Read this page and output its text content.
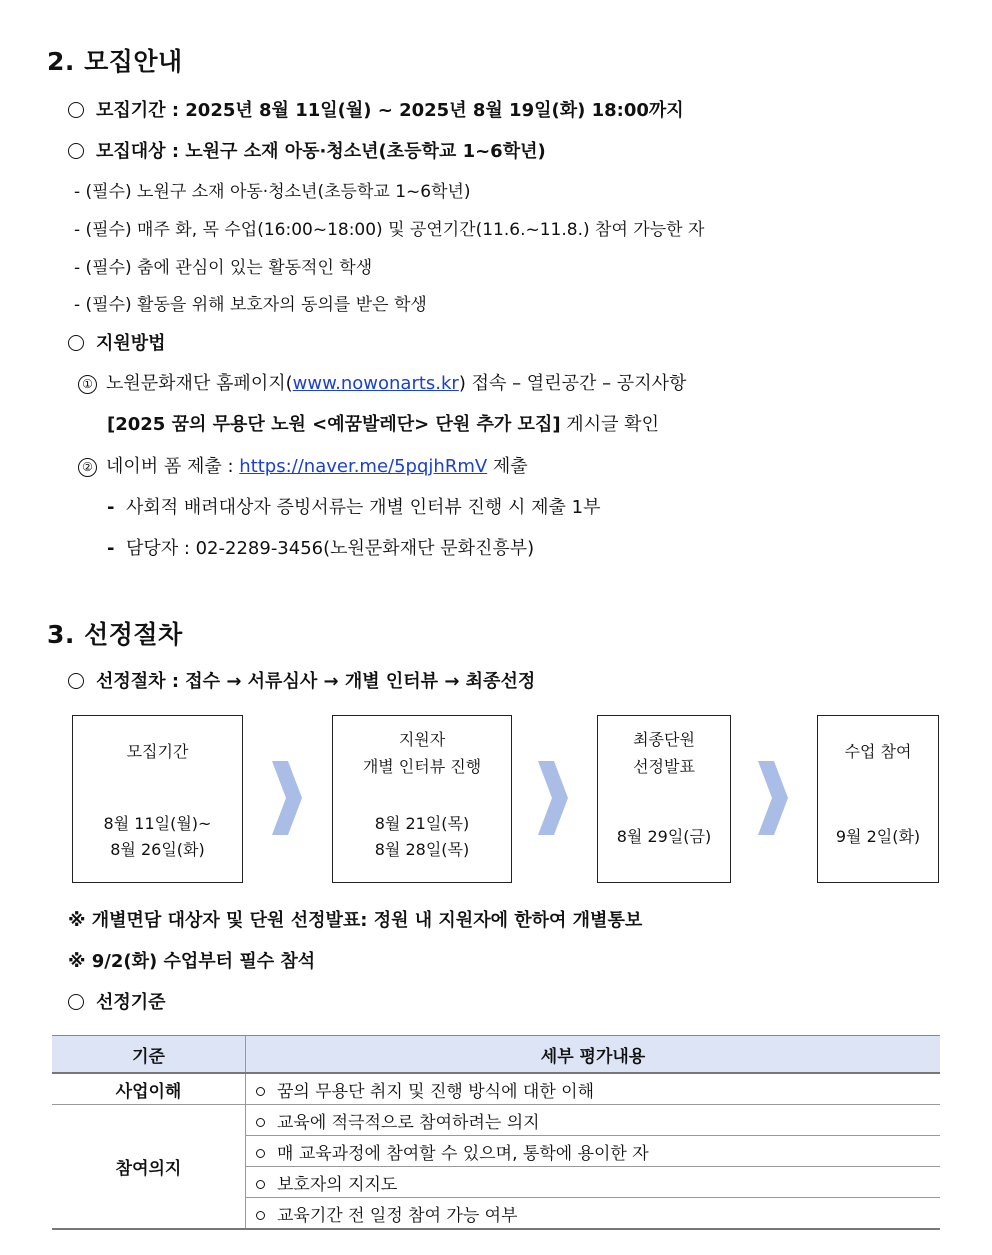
2. 모집안내
모집기간 : 2025년 8월 11일(월) ~ 2025년 8월 19일(화) 18:00까지
모집대상 : 노원구 소재 아동·청소년(초등학교 1~6학년)
- (필수) 노원구 소재 아동·청소년(초등학교 1~6학년)
- (필수) 매주 화, 목 수업(16:00~18:00) 및 공연기간(11.6.~11.8.) 참여 가능한 자
- (필수) 춤에 관심이 있는 활동적인 학생
- (필수) 활동을 위해 보호자의 동의를 받은 학생
지원방법
① 노원문화재단 홈페이지(www.nowonarts.kr) 접속 – 열린공간 – 공지사항
[2025 꿈의 무용단 노원 <예꿈발레단> 단원 추가 모집] 게시글 확인
② 네이버 폼 제출 : https://naver.me/5pqjhRmV 제출
- 사회적 배려대상자 증빙서류는 개별 인터뷰 진행 시 제출 1부
- 담당자 : 02-2289-3456(노원문화재단 문화진흥부)
3. 선정절차
선정절차 : 접수 → 서류심사 → 개별 인터뷰 → 최종선정
모집기간
8월 11일(월)~
8월 26일(화)
지원자
개별 인터뷰 진행
8월 21일(목)
8월 28일(목)
최종단원
선정발표
8월 29일(금)
수업 참여
9월 2일(화)
※ 개별면담 대상자 및 단원 선정발표: 정원 내 지원자에 한하여 개별통보
※ 9/2(화) 수업부터 필수 참석
선정기준
기준	세부 평가내용
사업이해	꿈의 무용단 취지 및 진행 방식에 대한 이해
참여의지	교육에 적극적으로 참여하려는 의지
	매 교육과정에 참여할 수 있으며, 통학에 용이한 자
	보호자의 지지도
	교육기간 전 일정 참여 가능 여부
